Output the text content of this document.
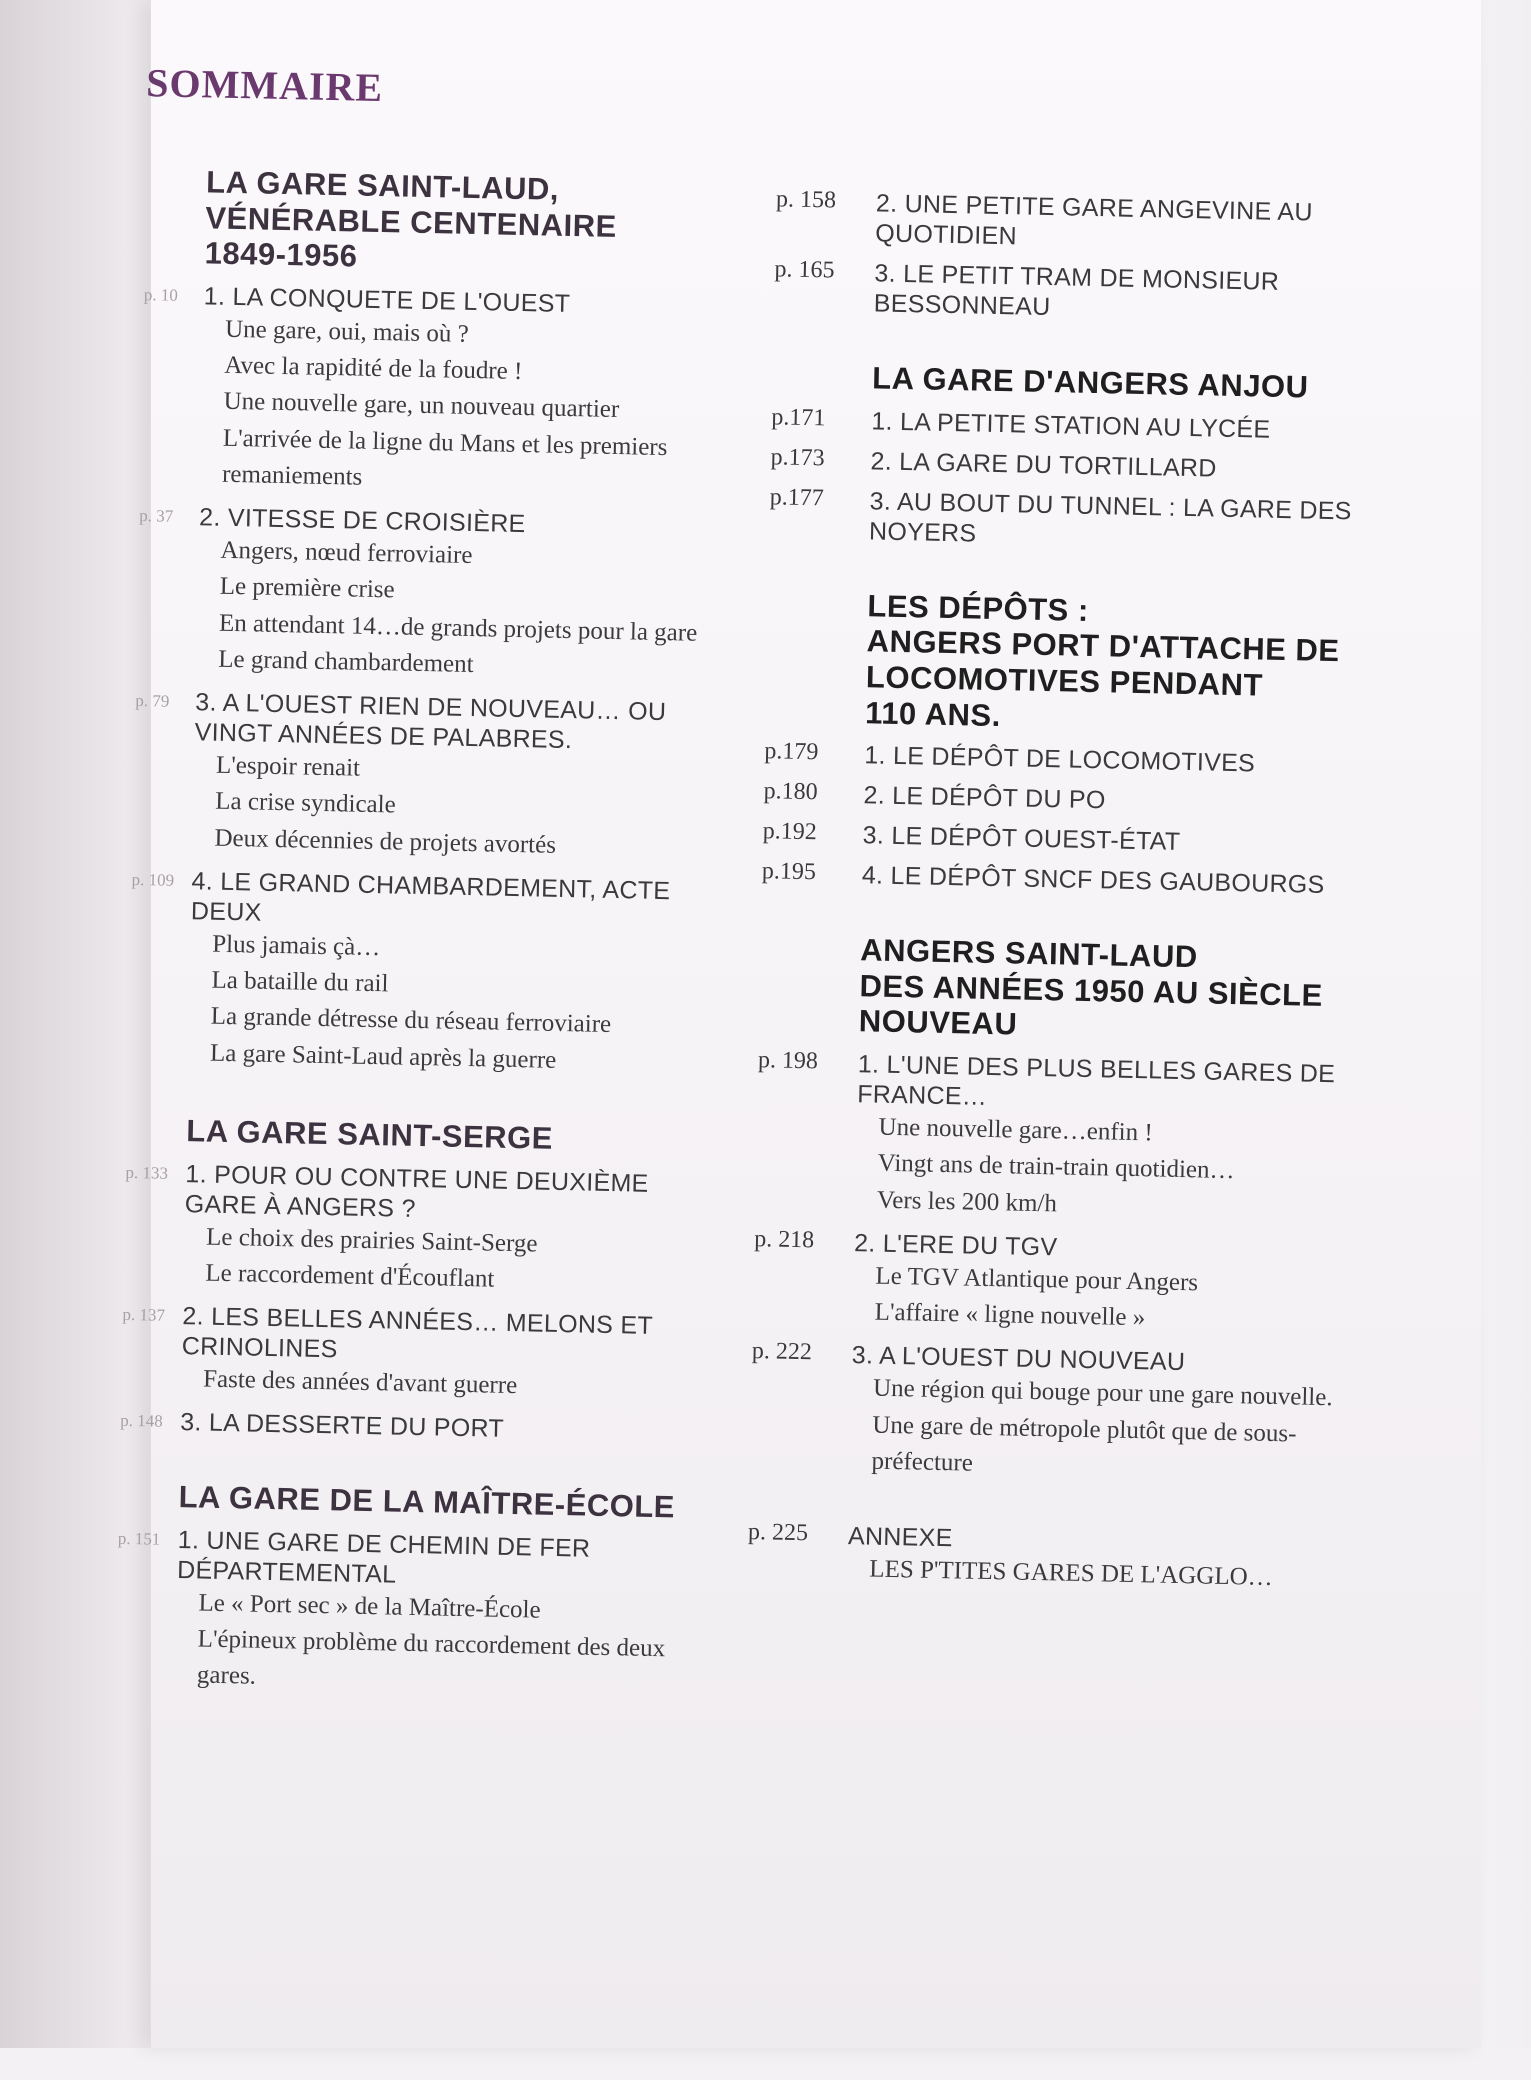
SOMMAIRE
LA GARE SAINT-LAUD,
VÉNÉRABLE CENTENAIRE
1849-1956
p. 10	1. LA CONQUETE DE L'OUEST
Une gare, oui, mais où ?
Avec la rapidité de la foudre !
Une nouvelle gare, un nouveau quartier
L'arrivée de la ligne du Mans et les premiers remaniements
p. 37	2. VITESSE DE CROISIÈRE
Angers, nœud ferroviaire
Le première crise
En attendant 14…de grands projets pour la gare
Le grand chambardement
p. 79	3. A L'OUEST RIEN DE NOUVEAU… OU VINGT ANNÉES DE PALABRES.
L'espoir renait
La crise syndicale
Deux décennies de projets avortés
p. 109 4. LE GRAND CHAMBARDEMENT, ACTE DEUX
Plus jamais çà…
La bataille du rail
La grande détresse du réseau ferroviaire
La gare Saint-Laud après la guerre
LA GARE SAINT-SERGE
p. 133 1. POUR OU CONTRE UNE DEUXIÈME GARE À ANGERS ?
Le choix des prairies Saint-Serge
Le raccordement d'Écouflant
p. 137 2. LES BELLES ANNÉES… MELONS ET CRINOLINES
Faste des années d'avant guerre
p. 148 3. LA DESSERTE DU PORT
LA GARE DE LA MAÎTRE-ÉCOLE
p. 151 1. UNE GARE DE CHEMIN DE FER DÉPARTEMENTAL
Le « Port sec » de la Maître-École
L'épineux problème du raccordement des deux gares.
p. 158	2. UNE PETITE GARE ANGEVINE AU QUOTIDIEN
p. 165	3. LE PETIT TRAM DE MONSIEUR BESSONNEAU
LA GARE D'ANGERS ANJOU
p.171	1. LA PETITE STATION AU LYCÉE
p.173	2. LA GARE DU TORTILLARD
p.177	3. AU BOUT DU TUNNEL : LA GARE DES NOYERS
LES DÉPÔTS :
ANGERS PORT D'ATTACHE DE
LOCOMOTIVES PENDANT
110 ANS.
p.179	1. LE DÉPÔT DE LOCOMOTIVES
p.180	2. LE DÉPÔT DU PO
p.192	3. LE DÉPÔT OUEST-ÉTAT
p.195	4. LE DÉPÔT SNCF DES GAUBOURGS
ANGERS SAINT-LAUD
DES ANNÉES 1950 AU SIÈCLE
NOUVEAU
p. 198	1. L'UNE DES PLUS BELLES GARES DE FRANCE…
Une nouvelle gare…enfin !
Vingt ans de train-train quotidien…
Vers les 200 km/h
p. 218	2. L'ERE DU TGV
Le TGV Atlantique pour Angers
L'affaire « ligne nouvelle »
p. 222	3. A L'OUEST DU NOUVEAU
Une région qui bouge pour une gare nouvelle.
Une gare de métropole plutôt que de sous-préfecture
p. 225	ANNEXE
LES P'TITES GARES DE L'AGGLO…
